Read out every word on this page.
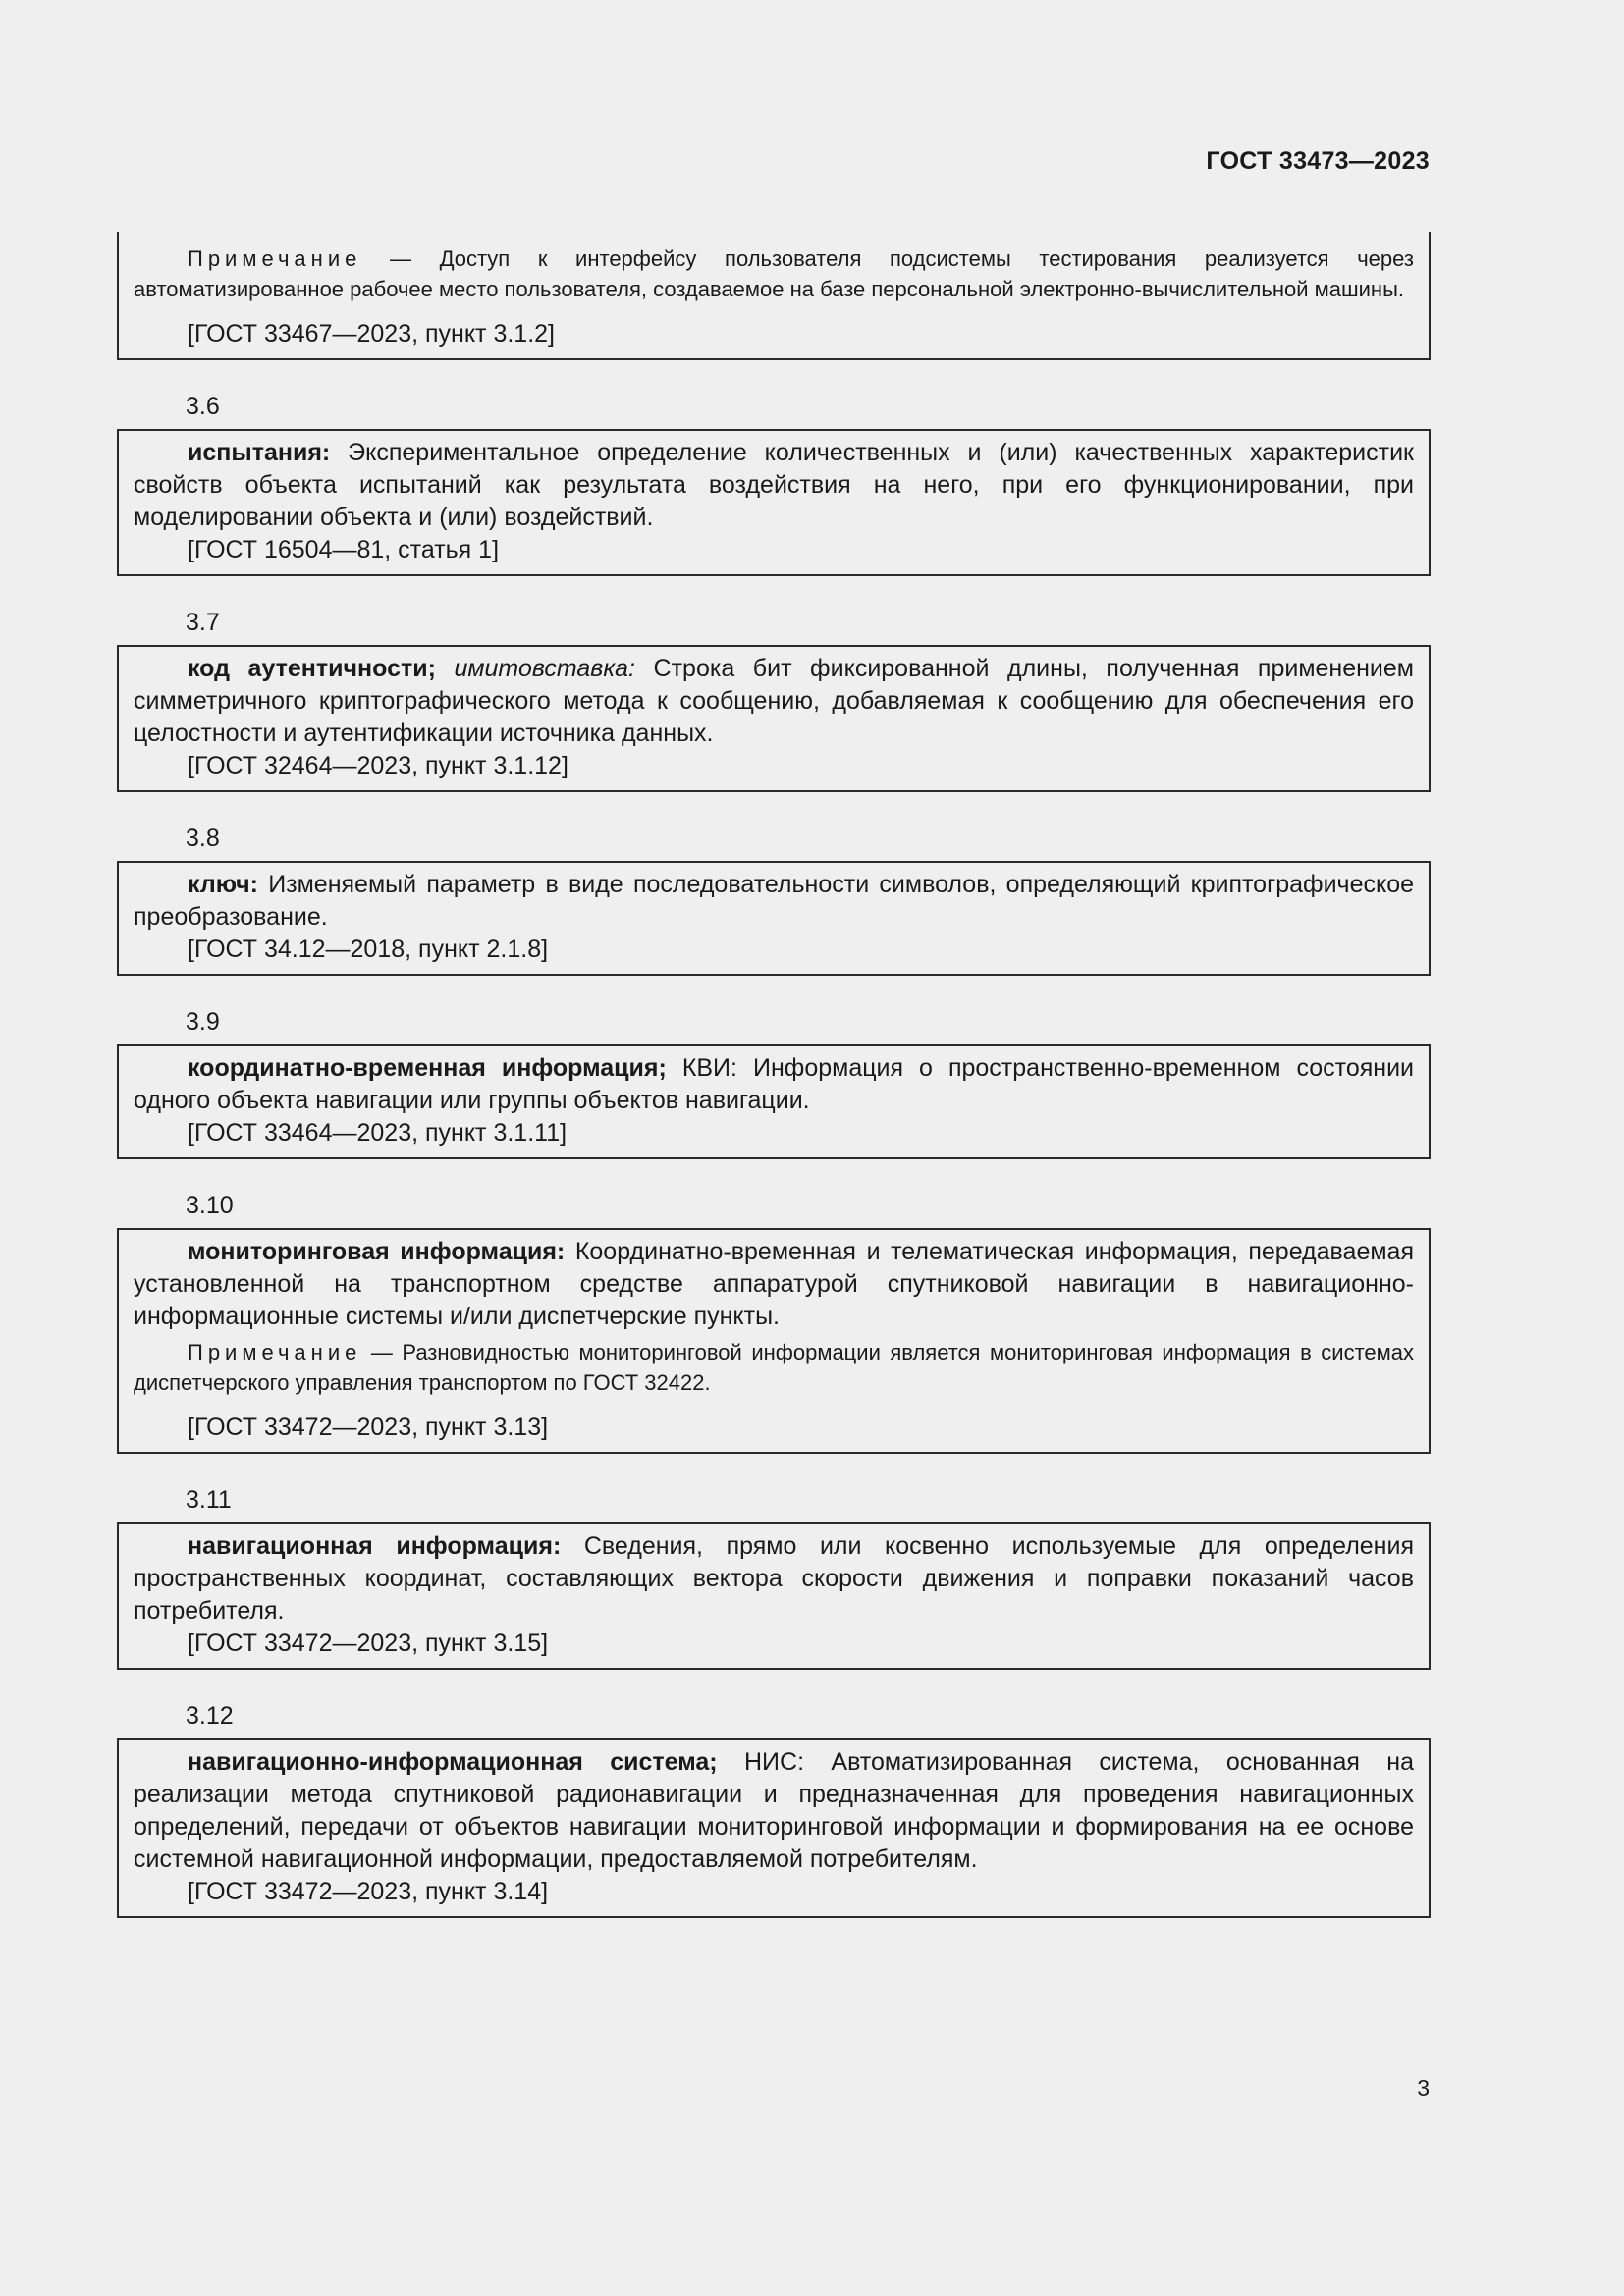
ГОСТ 33473—2023

Примечание — Доступ к интерфейсу пользователя подсистемы тестирования реализуется через автоматизированное рабочее место пользователя, создаваемое на базе персональной электронно-вычислительной машины.

[ГОСТ 33467—2023, пункт 3.1.2]

3.6

испытания: Экспериментальное определение количественных и (или) качественных характеристик свойств объекта испытаний как результата воздействия на него, при его функционировании, при моделировании объекта и (или) воздействий.

[ГОСТ 16504—81, статья 1]

3.7

код аутентичности; имитовставка: Строка бит фиксированной длины, полученная применением симметричного криптографического метода к сообщению, добавляемая к сообщению для обеспечения его целостности и аутентификации источника данных.

[ГОСТ 32464—2023, пункт 3.1.12]

3.8

ключ: Изменяемый параметр в виде последовательности символов, определяющий криптографическое преобразование.

[ГОСТ 34.12—2018, пункт 2.1.8]

3.9

координатно-временная информация; КВИ: Информация о пространственно-временном состоянии одного объекта навигации или группы объектов навигации.

[ГОСТ 33464—2023, пункт 3.1.11]

3.10

мониторинговая информация: Координатно-временная и телематическая информация, передаваемая установленной на транспортном средстве аппаратурой спутниковой навигации в навигационно-информационные системы и/или диспетчерские пункты.

Примечание — Разновидностью мониторинговой информации является мониторинговая информация в системах диспетчерского управления транспортом по ГОСТ 32422.

[ГОСТ 33472—2023, пункт 3.13]

3.11

навигационная информация: Сведения, прямо или косвенно используемые для определения пространственных координат, составляющих вектора скорости движения и поправки показаний часов потребителя.

[ГОСТ 33472—2023, пункт 3.15]

3.12

навигационно-информационная система; НИС: Автоматизированная система, основанная на реализации метода спутниковой радионавигации и предназначенная для проведения навигационных определений, передачи от объектов навигации мониторинговой информации и формирования на ее основе системной навигационной информации, предоставляемой потребителям.

[ГОСТ 33472—2023, пункт 3.14]

3
